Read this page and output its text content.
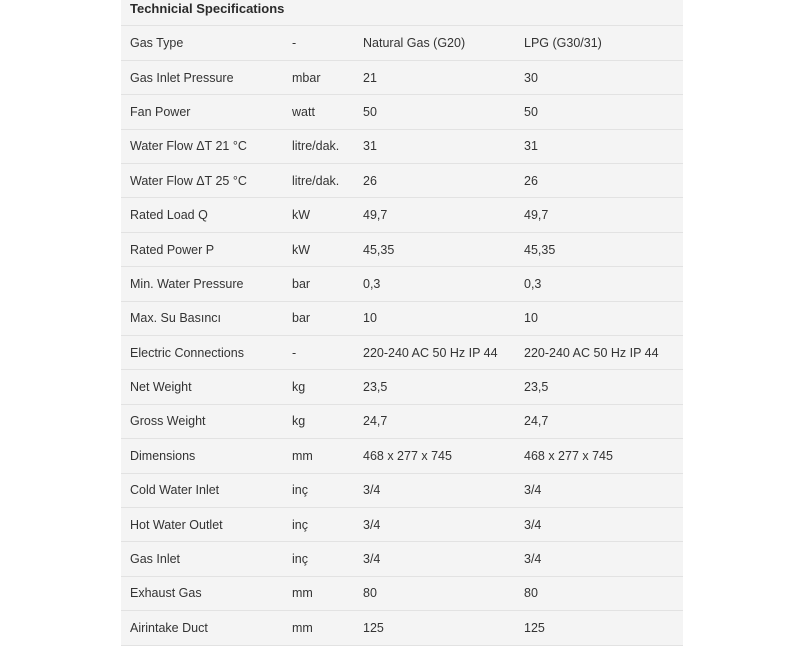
Technicial Specifications
Gas Type	-	Natural Gas (G20)	LPG (G30/31)
Gas Inlet Pressure	mbar	21	30
Fan Power	watt	50	50
Water Flow ΔT 21 °C	litre/dak.	31	31
Water Flow ΔT 25 °C	litre/dak.	26	26
Rated Load Q	kW	49,7	49,7
Rated Power P	kW	45,35	45,35
Min. Water Pressure	bar	0,3	0,3
Max. Su Basıncı	bar	10	10
Electric Connections	-	220-240 AC 50 Hz IP 44	220-240 AC 50 Hz IP 44
Net Weight	kg	23,5	23,5
Gross Weight	kg	24,7	24,7
Dimensions	mm	468 x 277 x 745	468 x 277 x 745
Cold Water Inlet	inç	3/4	3/4
Hot Water Outlet	inç	3/4	3/4
Gas Inlet	inç	3/4	3/4
Exhaust Gas	mm	80	80
Airintake Duct	mm	125	125
